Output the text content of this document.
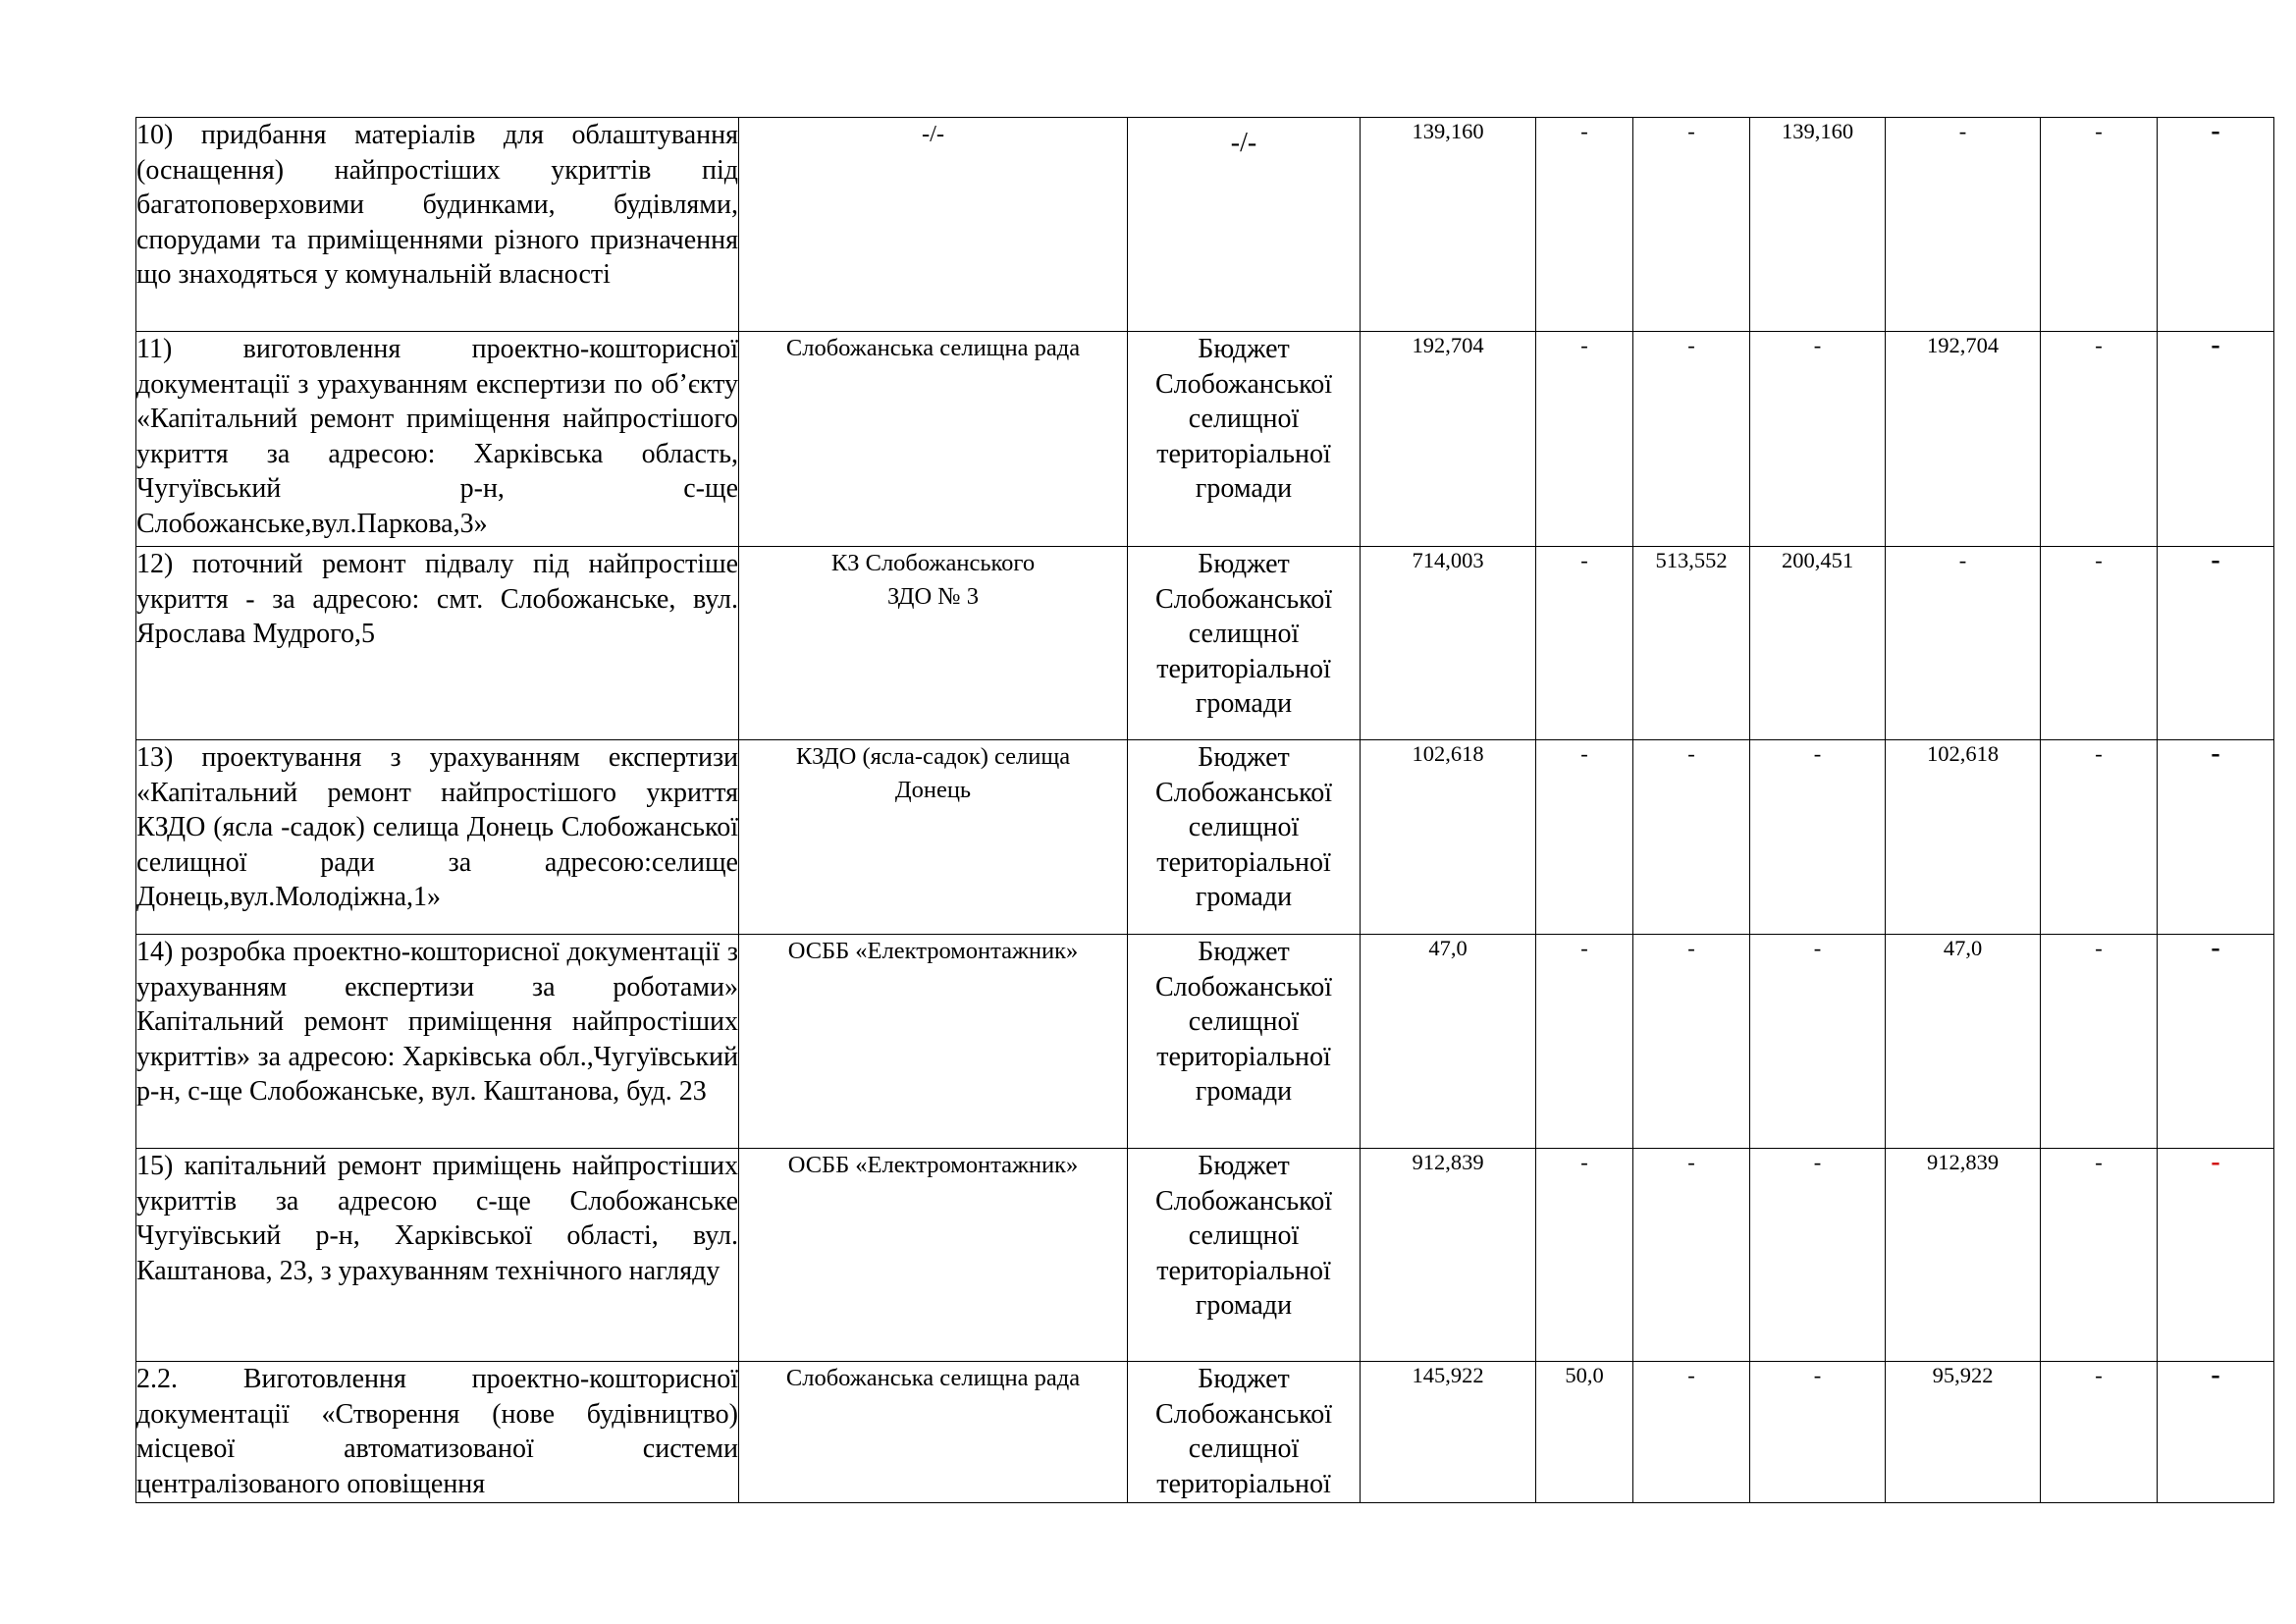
10) придбання матеріалів для облаштування (оснащення) найпростіших укриттів під багатоповерховими будинками, будівлями, спорудами та приміщеннями різного призначення що знаходяться у комунальній власності	-/-	-/-	139,160	-	-	139,160	-	-	-
11) виготовлення проектно-кошторисної документації з урахуванням експертизи по об’єкту «Капітальний ремонт приміщення найпростішого укриття за адресою: Харківська область, Чугуївський р-н, с-ще Слобожанське,вул.Паркова,3»	Слобожанська селищна рада	Бюджет Слобожанської селищної територіальної громади	192,704	-	-	-	192,704	-	-
12) поточний ремонт підвалу під найпростіше укриття - за адресою: смт. Слобожанське, вул. Ярослава Мудрого,5	КЗ Слобожанського ЗДО № 3	Бюджет Слобожанської селищної територіальної громади	714,003	-	513,552	200,451	-	-	-
13) проектування з урахуванням експертизи «Капітальний ремонт найпростішого укриття КЗДО (ясла -садок) селища Донець Слобожанської селищної ради за адресою:селище Донець,вул.Молодіжна,1»	КЗДО (ясла-садок) селища Донець	Бюджет Слобожанської селищної територіальної громади	102,618	-	-	-	102,618	-	-
14) розробка проектно-кошторисної документації з урахуванням експертизи за роботами» Капітальний ремонт приміщення найпростіших укриттів» за адресою: Харківська обл.,Чугуївський р-н, с-ще Слобожанське, вул. Каштанова, буд. 23	ОСББ «Електромонтажник»	Бюджет Слобожанської селищної територіальної громади	47,0	-	-	-	47,0	-	-
15) капітальний ремонт приміщень найпростіших укриттів за адресою с-ще Слобожанське Чугуївський р-н, Харківської області, вул. Каштанова, 23, з урахуванням технічного нагляду	ОСББ «Електромонтажник»	Бюджет Слобожанської селищної територіальної громади	912,839	-	-	-	912,839	-	-
2.2. Виготовлення проектно-кошторисної документації «Створення (нове будівництво) місцевої автоматизованої системи централізованого оповіщення	Слобожанська селищна рада	Бюджет Слобожанської селищної територіальної	145,922	50,0	-	-	95,922	-	-
